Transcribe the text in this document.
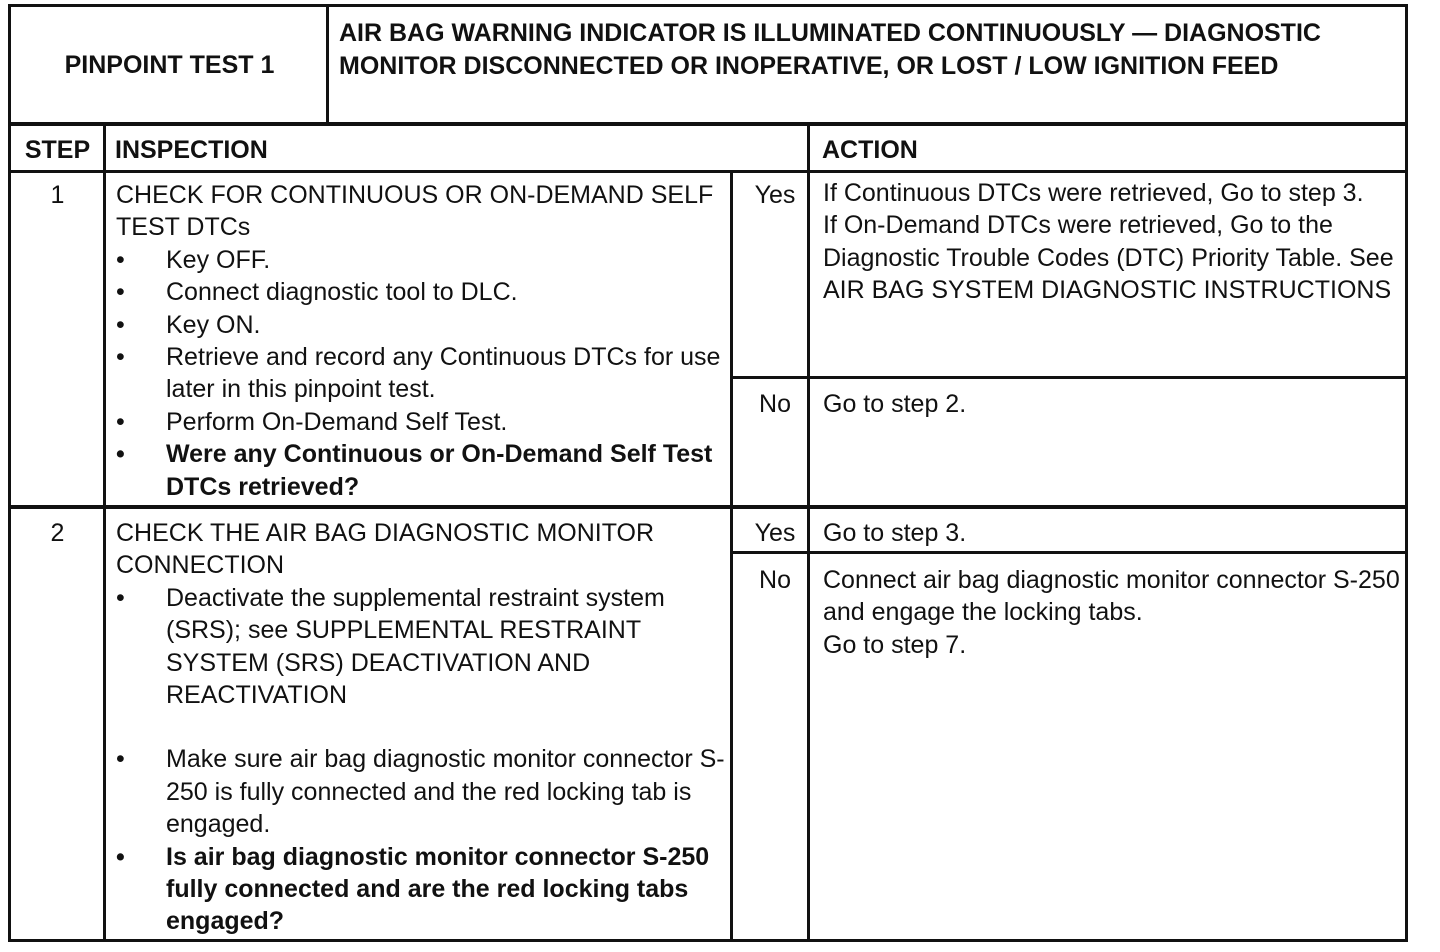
PINPOINT TEST 1
AIR BAG WARNING INDICATOR IS ILLUMINATED CONTINUOUSLY — DIAGNOSTIC MONITOR DISCONNECTED OR INOPERATIVE, OR LOST / LOW IGNITION FEED
STEP INSPECTION	ACTION
1	CHECK FOR CONTINUOUS OR ON-DEMAND SELF TEST DTCs
• Key OFF.
• Connect diagnostic tool to DLC.
• Key ON.
• Retrieve and record any Continuous DTCs for use later in this pinpoint test.
• Perform On-Demand Self Test.
• Were any Continuous or On-Demand Self Test DTCs retrieved?
Yes	If Continuous DTCs were retrieved, Go to step 3.
If On-Demand DTCs were retrieved, Go to the Diagnostic Trouble Codes (DTC) Priority Table. See AIR BAG SYSTEM DIAGNOSTIC INSTRUCTIONS
No	Go to step 2.
2	CHECK THE AIR BAG DIAGNOSTIC MONITOR CONNECTION
• Deactivate the supplemental restraint system (SRS); see SUPPLEMENTAL RESTRAINT SYSTEM (SRS) DEACTIVATION AND REACTIVATION
• Make sure air bag diagnostic monitor connector S-250 is fully connected and the red locking tab is engaged.
• Is air bag diagnostic monitor connector S-250 fully connected and are the red locking tabs engaged?
Yes	Go to step 3.
No	Connect air bag diagnostic monitor connector S-250 and engage the locking tabs.
Go to step 7.
